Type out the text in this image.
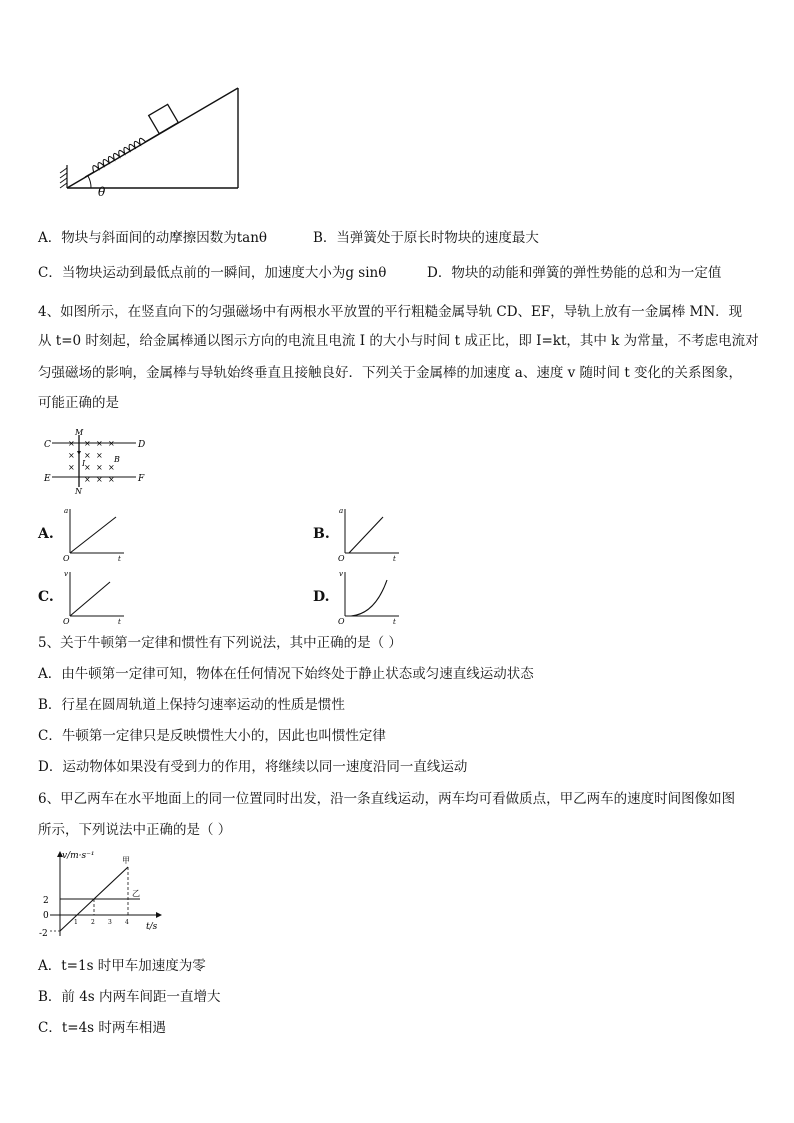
θ
A．物块与斜面间的动摩擦因数为tanθ	B．当弹簧处于原长时物块的速度最大
C．当物块运动到最低点前的一瞬间，加速度大小为g sinθ	D．物块的动能和弹簧的弹性势能的总和为一定值
4、如图所示，在竖直向下的匀强磁场中有两根水平放置的平行粗糙金属导轨 CD、EF，导轨上放有一金属棒 MN．现
从 t=0 时刻起，给金属棒通以图示方向的电流且电流 I 的大小与时间 t 成正比，即 I=kt，其中 k 为常量，不考虑电流对
匀强磁场的影响，金属棒与导轨始终垂直且接触良好．下列关于金属棒的加速度 a、速度 v 随时间 t 变化的关系图象，
可能正确的是
C	D
E	F
M
N
B
I
× × × ×
× × ×
× × × ×
× × ×
A.	B.
C.	D.
a
t
O
a
t
O
v
t
O
v
t
O
5、关于牛顿第一定律和惯性有下列说法，其中正确的是（ ）
A．由牛顿第一定律可知，物体在任何情况下始终处于静止状态或匀速直线运动状态
B．行星在圆周轨道上保持匀速率运动的性质是惯性
C．牛顿第一定律只是反映惯性大小的，因此也叫惯性定律
D．运动物体如果没有受到力的作用，将继续以同一速度沿同一直线运动
6、甲乙两车在水平地面上的同一位置同时出发，沿一条直线运动，两车均可看做质点，甲乙两车的速度时间图像如图
所示，下列说法中正确的是（ ）
v/m·s⁻¹
t/s
2
0
-2
1 2 3 4
甲
乙
A．t=1s 时甲车加速度为零
B．前 4s 内两车间距一直增大
C．t=4s 时两车相遇
